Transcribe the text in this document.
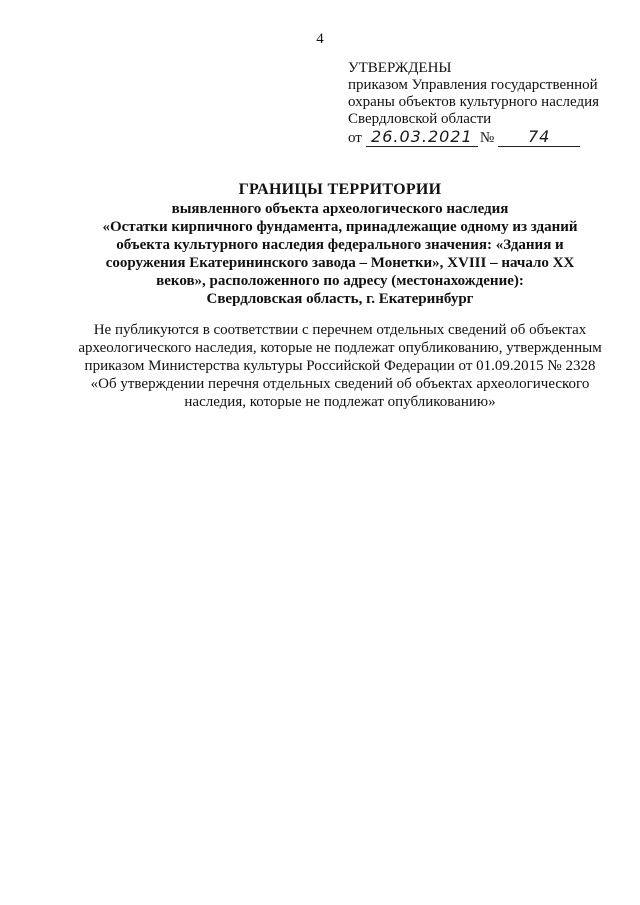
4
УТВЕРЖДЕНЫ
приказом Управления государственной
охраны объектов культурного наследия
Свердловской области
от 26.03.2021 №	74
ГРАНИЦЫ ТЕРРИТОРИИ
выявленного объекта археологического наследия
«Остатки кирпичного фундамента, принадлежащие одному из зданий
объекта культурного наследия федерального значения: «Здания и
сооружения Екатерининского завода – Монетки», XVIII – начало XX
веков», расположенного по адресу (местонахождение):
Свердловская область, г. Екатеринбург
Не публикуются в соответствии с перечнем отдельных сведений об объектах
археологического наследия, которые не подлежат опубликованию, утвержденным
приказом Министерства культуры Российской Федерации от 01.09.2015 № 2328
«Об утверждении перечня отдельных сведений об объектах археологического
наследия, которые не подлежат опубликованию»
